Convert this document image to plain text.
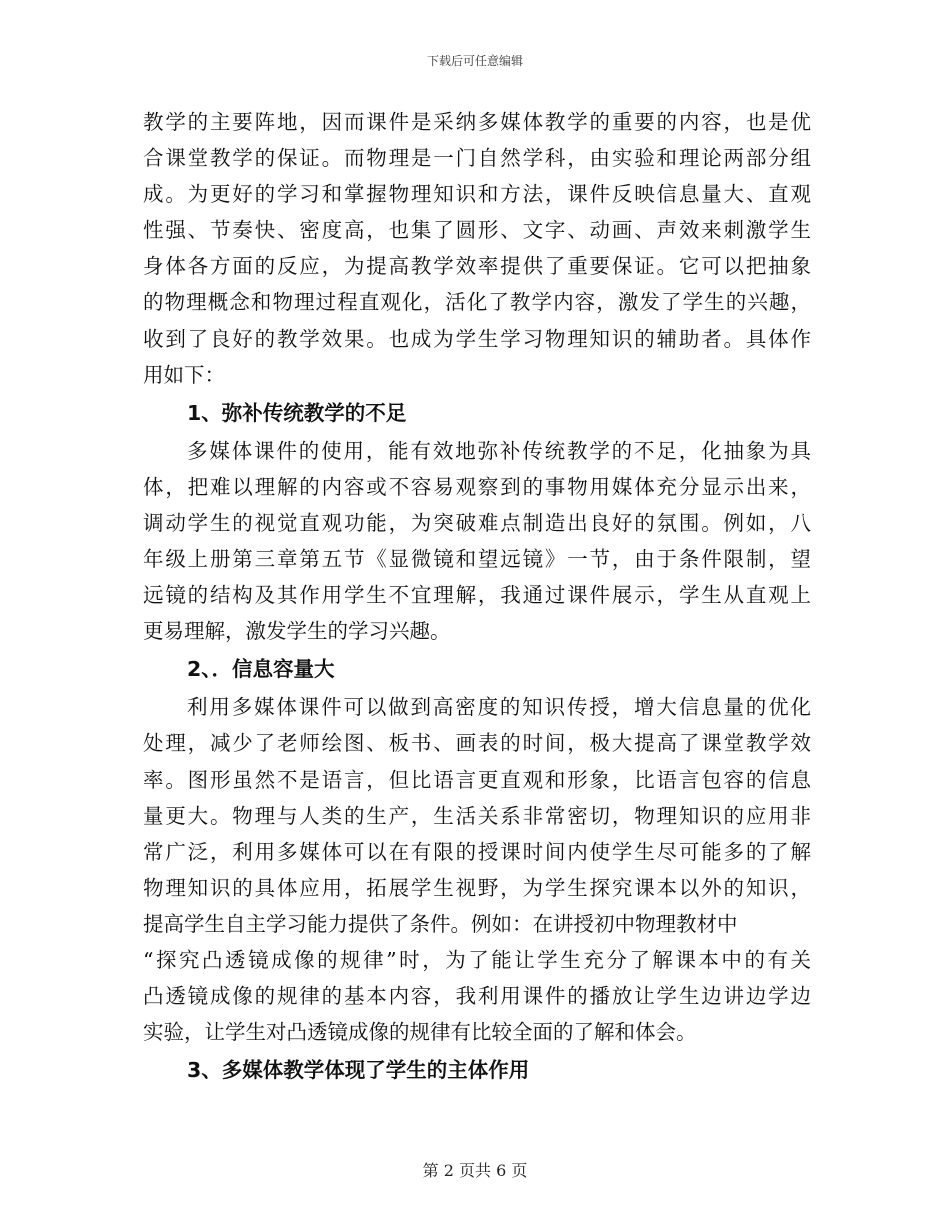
下载后可任意编辑
教学的主要阵地，因而课件是采纳多媒体教学的重要的内容，也是优
合课堂教学的保证。而物理是一门自然学科，由实验和理论两部分组
成。为更好的学习和掌握物理知识和方法，课件反映信息量大、直观
性强、节奏快、密度高，也集了圆形、文字、动画、声效来刺激学生
身体各方面的反应，为提高教学效率提供了重要保证。它可以把抽象
的物理概念和物理过程直观化，活化了教学内容，激发了学生的兴趣，
收到了良好的教学效果。也成为学生学习物理知识的辅助者。具体作
用如下：
1、弥补传统教学的不足
多媒体课件的使用，能有效地弥补传统教学的不足，化抽象为具
体，把难以理解的内容或不容易观察到的事物用媒体充分显示出来，
调动学生的视觉直观功能，为突破难点制造出良好的氛围。例如，八
年级上册第三章第五节《显微镜和望远镜》一节，由于条件限制，望
远镜的结构及其作用学生不宜理解，我通过课件展示，学生从直观上
更易理解，激发学生的学习兴趣。
2、．信息容量大
利用多媒体课件可以做到高密度的知识传授，增大信息量的优化
处理，减少了老师绘图、板书、画表的时间，极大提高了课堂教学效
率。图形虽然不是语言，但比语言更直观和形象，比语言包容的信息
量更大。物理与人类的生产，生活关系非常密切，物理知识的应用非
常广泛，利用多媒体可以在有限的授课时间内使学生尽可能多的了解
物理知识的具体应用，拓展学生视野，为学生探究课本以外的知识，
提高学生自主学习能力提供了条件。例如：在讲授初中物理教材中
“探究凸透镜成像的规律”时，为了能让学生充分了解课本中的有关
凸透镜成像的规律的基本内容，我利用课件的播放让学生边讲边学边
实验，让学生对凸透镜成像的规律有比较全面的了解和体会。
3、多媒体教学体现了学生的主体作用
第 2 页共 6 页
